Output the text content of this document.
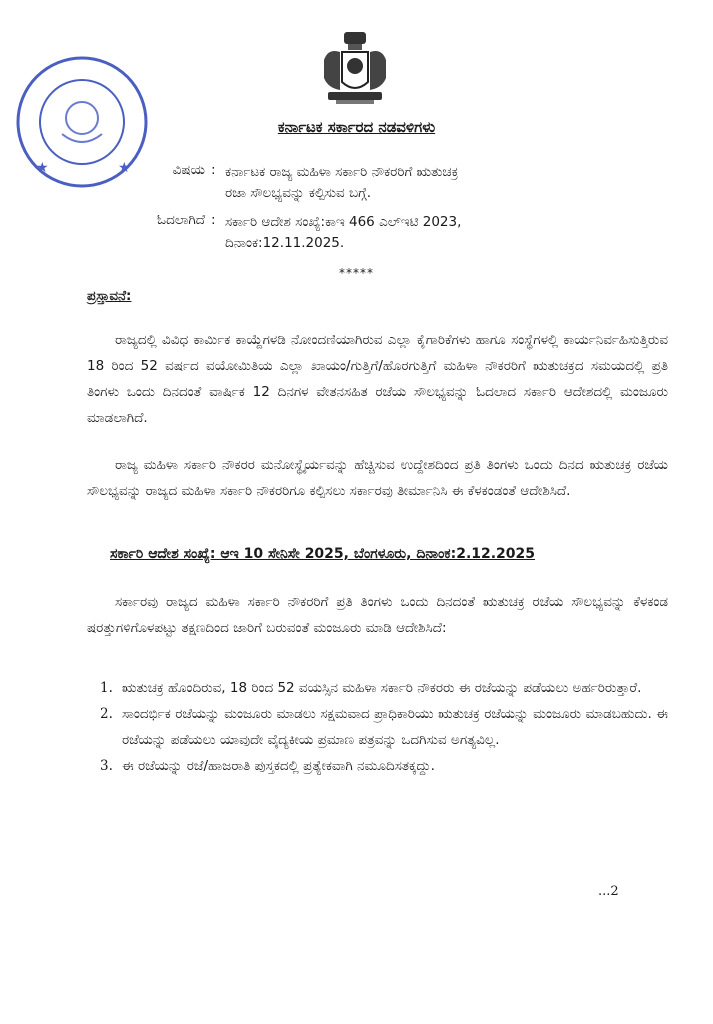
★	★
ಕರ್ನಾಟಕ ಸರ್ಕಾರದ ನಡವಳಿಗಳು
ವಿಷಯ : ಕರ್ನಾಟಕ ರಾಜ್ಯ ಮಹಿಳಾ ಸರ್ಕಾರಿ ನೌಕರರಿಗೆ ಋತುಚಕ್ರ
ರಜಾ ಸೌಲಭ್ಯವನ್ನು ಕಲ್ಪಿಸುವ ಬಗ್ಗೆ.
ಓದಲಾಗಿದೆ : ಸರ್ಕಾರಿ ಆದೇಶ ಸಂಖ್ಯೆ:ಕಾಇ 466 ಎಲ್ಇಟಿ 2023,
ದಿನಾಂಕ:12.11.2025.
*****
ಪ್ರಸ್ತಾವನೆ:
ರಾಜ್ಯದಲ್ಲಿ ವಿವಿಧ ಕಾರ್ಮಿಕ ಕಾಯ್ದೆಗಳಡಿ ನೋಂದಣಿಯಾಗಿರುವ ಎಲ್ಲಾ ಕೈಗಾರಿಕೆಗಳು ಹಾಗೂ ಸಂಸ್ಥೆಗಳಲ್ಲಿ ಕಾರ್ಯನಿರ್ವಹಿಸುತ್ತಿರುವ 18 ರಿಂದ 52 ವರ್ಷದ ವಯೋಮಿತಿಯ ಎಲ್ಲಾ ಖಾಯಂ/ಗುತ್ತಿಗೆ/ಹೊರಗುತ್ತಿಗೆ ಮಹಿಳಾ ನೌಕರರಿಗೆ ಋತುಚಕ್ರದ ಸಮಯದಲ್ಲಿ ಪ್ರತಿ ತಿಂಗಳು ಒಂದು ದಿನದಂತೆ ವಾರ್ಷಿಕ 12 ದಿನಗಳ ವೇತನಸಹಿತ ರಜೆಯ ಸೌಲಭ್ಯವನ್ನು ಓದಲಾದ ಸರ್ಕಾರಿ ಆದೇಶದಲ್ಲಿ ಮಂಜೂರು ಮಾಡಲಾಗಿದೆ.
ರಾಜ್ಯ ಮಹಿಳಾ ಸರ್ಕಾರಿ ನೌಕರರ ಮನೋಸ್ಥೈರ್ಯವನ್ನು ಹೆಚ್ಚಿಸುವ ಉದ್ದೇಶದಿಂದ ಪ್ರತಿ ತಿಂಗಳು ಒಂದು ದಿನದ ಋತುಚಕ್ರ ರಜೆಯ ಸೌಲಭ್ಯವನ್ನು ರಾಜ್ಯದ ಮಹಿಳಾ ಸರ್ಕಾರಿ ನೌಕರರಿಗೂ ಕಲ್ಪಿಸಲು ಸರ್ಕಾರವು ತೀರ್ಮಾನಿಸಿ ಈ ಕೆಳಕಂಡಂತೆ ಆದೇಶಿಸಿದೆ.
ಸರ್ಕಾರಿ ಆದೇಶ ಸಂಖ್ಯೆ: ಆಇ 10 ಸೇನಿಸೇ 2025, ಬೆಂಗಳೂರು, ದಿನಾಂಕ:2.12.2025
ಸರ್ಕಾರವು ರಾಜ್ಯದ ಮಹಿಳಾ ಸರ್ಕಾರಿ ನೌಕರರಿಗೆ ಪ್ರತಿ ತಿಂಗಳು ಒಂದು ದಿನದಂತೆ ಋತುಚಕ್ರ ರಜೆಯ ಸೌಲಭ್ಯವನ್ನು ಕೆಳಕಂಡ ಷರತ್ತುಗಳಿಗೊಳಪಟ್ಟು ತಕ್ಷಣದಿಂದ ಜಾರಿಗೆ ಬರುವಂತೆ ಮಂಜೂರು ಮಾಡಿ ಆದೇಶಿಸಿದೆ:
1. ಋತುಚಕ್ರ ಹೊಂದಿರುವ, 18 ರಿಂದ 52 ವಯಸ್ಸಿನ ಮಹಿಳಾ ಸರ್ಕಾರಿ ನೌಕರರು ಈ ರಜೆಯನ್ನು ಪಡೆಯಲು ಅರ್ಹರಿರುತ್ತಾರೆ.
2. ಸಾಂದರ್ಭಿಕ ರಜೆಯನ್ನು ಮಂಜೂರು ಮಾಡಲು ಸಕ್ಷಮವಾದ ಪ್ರಾಧಿಕಾರಿಯು ಋತುಚಕ್ರ ರಜೆಯನ್ನು ಮಂಜೂರು ಮಾಡಬಹುದು. ಈ ರಜೆಯನ್ನು ಪಡೆಯಲು ಯಾವುದೇ ವೈದ್ಯಕೀಯ ಪ್ರಮಾಣ ಪತ್ರವನ್ನು ಒದಗಿಸುವ ಅಗತ್ಯವಿಲ್ಲ.
3. ಈ ರಜೆಯನ್ನು ರಜೆ/ಹಾಜರಾತಿ ಪುಸ್ತಕದಲ್ಲಿ ಪ್ರತ್ಯೇಕವಾಗಿ ನಮೂದಿಸತಕ್ಕದ್ದು.
...2
